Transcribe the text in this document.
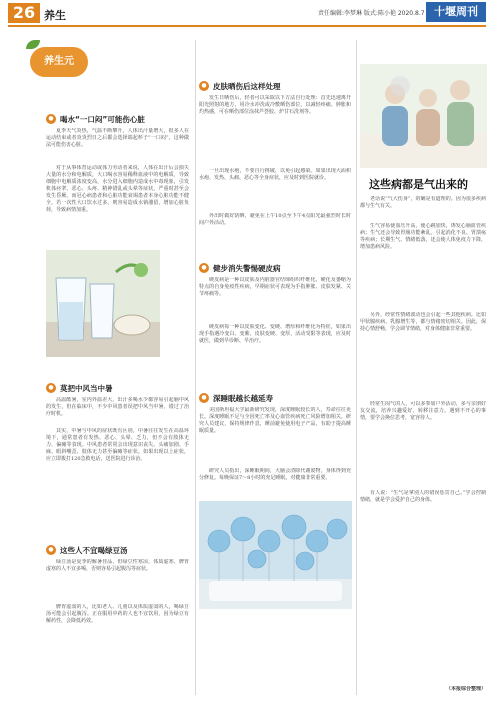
26 养生	责任编辑:李梦琳 版式:陈小艳 2020.8.7 十堰周刊
养生元
● 喝水“一口闷”可能伤心脏
夏季天气炎热，气温不断攀升，人体出汗量增大，很多人在运动结束或者炎炎烈日之后都会选择端起杯子“一口闷”，这种做法可能伤害心脏。
对于从事体育运动或体力劳动者来说，人体在出汗后会损失大量的水分和电解质，大口喝水容易稀释血液中的电解质，导致细胞中电解质浓度变高，水分进入细胞内造成水中毒现象，引发机体痉挛、恶心、头疼、精神错乱或头晕等症状，严重时甚至会发生昏厥。而冠心病患者和心脏功能衰竭患者本身心脏功能不健全，若一次性大口饮水过多，则容易造成水钠潴留，增加心脏负荷，导致病情加重。
● 莫把中风当中暑
高温酷暑，室内外温差大，出汗多喝水少都容易引起脑中风的发生，但在临床中，不少中风患者误把中风当中暑，错过了治疗时机。
其实，中暑与中风的症状既有区别，中暑往往发生在高温环境下，通常患者有发热、恶心、头晕、乏力，但不会有肢体无力、偏瘫等表现。中风患者常常会出现意识丧失、头痛加剧、手麻、眼斜嘴歪、肢体无力甚至偏瘫等症状。如果出现以上症状，应立即拨打120急救电话，送医院进行诊治。
● 这些人不宜喝绿豆汤
绿豆汤是夏季的解暑佳品，但绿豆性寒凉，体质虚寒、脾胃虚寒的人不宜多喝，否则容易引起腹泻等症状。
脾胃虚弱的人，比如老人、儿童以及体质虚弱的人，喝绿豆汤可能会引起腹泻。正在服用中药的人也不宜饮用，因为绿豆有解药性，会降低药效。
● 皮肤晒伤后这样处理
发生日晒伤后，轻者可以采取以下方法自行处理：首先迅速离开阳光照射的地方，用冷水冲洗或冷敷晒伤部位，以减轻疼痛、肿胀和灼热感，可在晒伤部位涂抹芦荟胶、炉甘石洗剂等。
一旦出现水疱，不要自行挑破，以免引起感染。如果出现大面积水疱、发热、头痛、恶心等全身症状，应及时到医院就诊。
外出时做好防晒，避免在上午10点至下午4点阳光最强烈时长时间户外活动。
● 健步消失警惕硬皮病
硬皮病是一种以皮肤及内脏器官结缔组织纤维化、硬化及萎缩为特点的自身免疫性疾病，早期症状可表现为手指肿胀、皮肤发紧、关节疼痛等。
硬皮病每一种以皮肤变化、变硬、增厚和纤维化为特征，如果出现手指遇冷变白、变紫，皮肤变硬、变厚，活动受限等表现，应及时就医，做到早诊断、早治疗。
● 深睡眠越长越延寿
美国斯坦福大学最新研究发现，深度睡眠较长的人，寿命往往更长。深度睡眠不足与全因死亡率及心血管疾病死亡风险增加相关。研究人员建议，保持规律作息，睡前避免使用电子产品，有助于提高睡眠质量。
研究人员指出，深睡眠期间，大脑会清除代谢废物，身体得到充分修复。每晚保证7～8小时的充足睡眠，对健康非常重要。
这些病都是气出来的
老话说“气大伤身”，的确是有道理的。因为很多疾病都与生气有关。
生气容易使血压升高，使心跳加快，诱发心脑血管疾病；生气还会导致胃肠功能紊乱，引起消化不良、胃溃疡等疾病；长期生气、情绪低落，还会使人体免疫力下降，增加患病风险。
另外，经常性情绪波动也会引起一些其他疾病。比如甲状腺疾病、乳腺增生等，都与情绪密切相关。因此，保持心情舒畅，学会调节情绪，对身体健康非常重要。
经常生闷气的人，可以多参加户外活动，多与亲朋好友交流，培养兴趣爱好，转移注意力。遇到不开心的事情，要学会换位思考，宽容待人。
有人说：“生气是拿别人的错误惩罚自己。”学会控制情绪，就是学会爱护自己的身体。
（本报综合整理）
